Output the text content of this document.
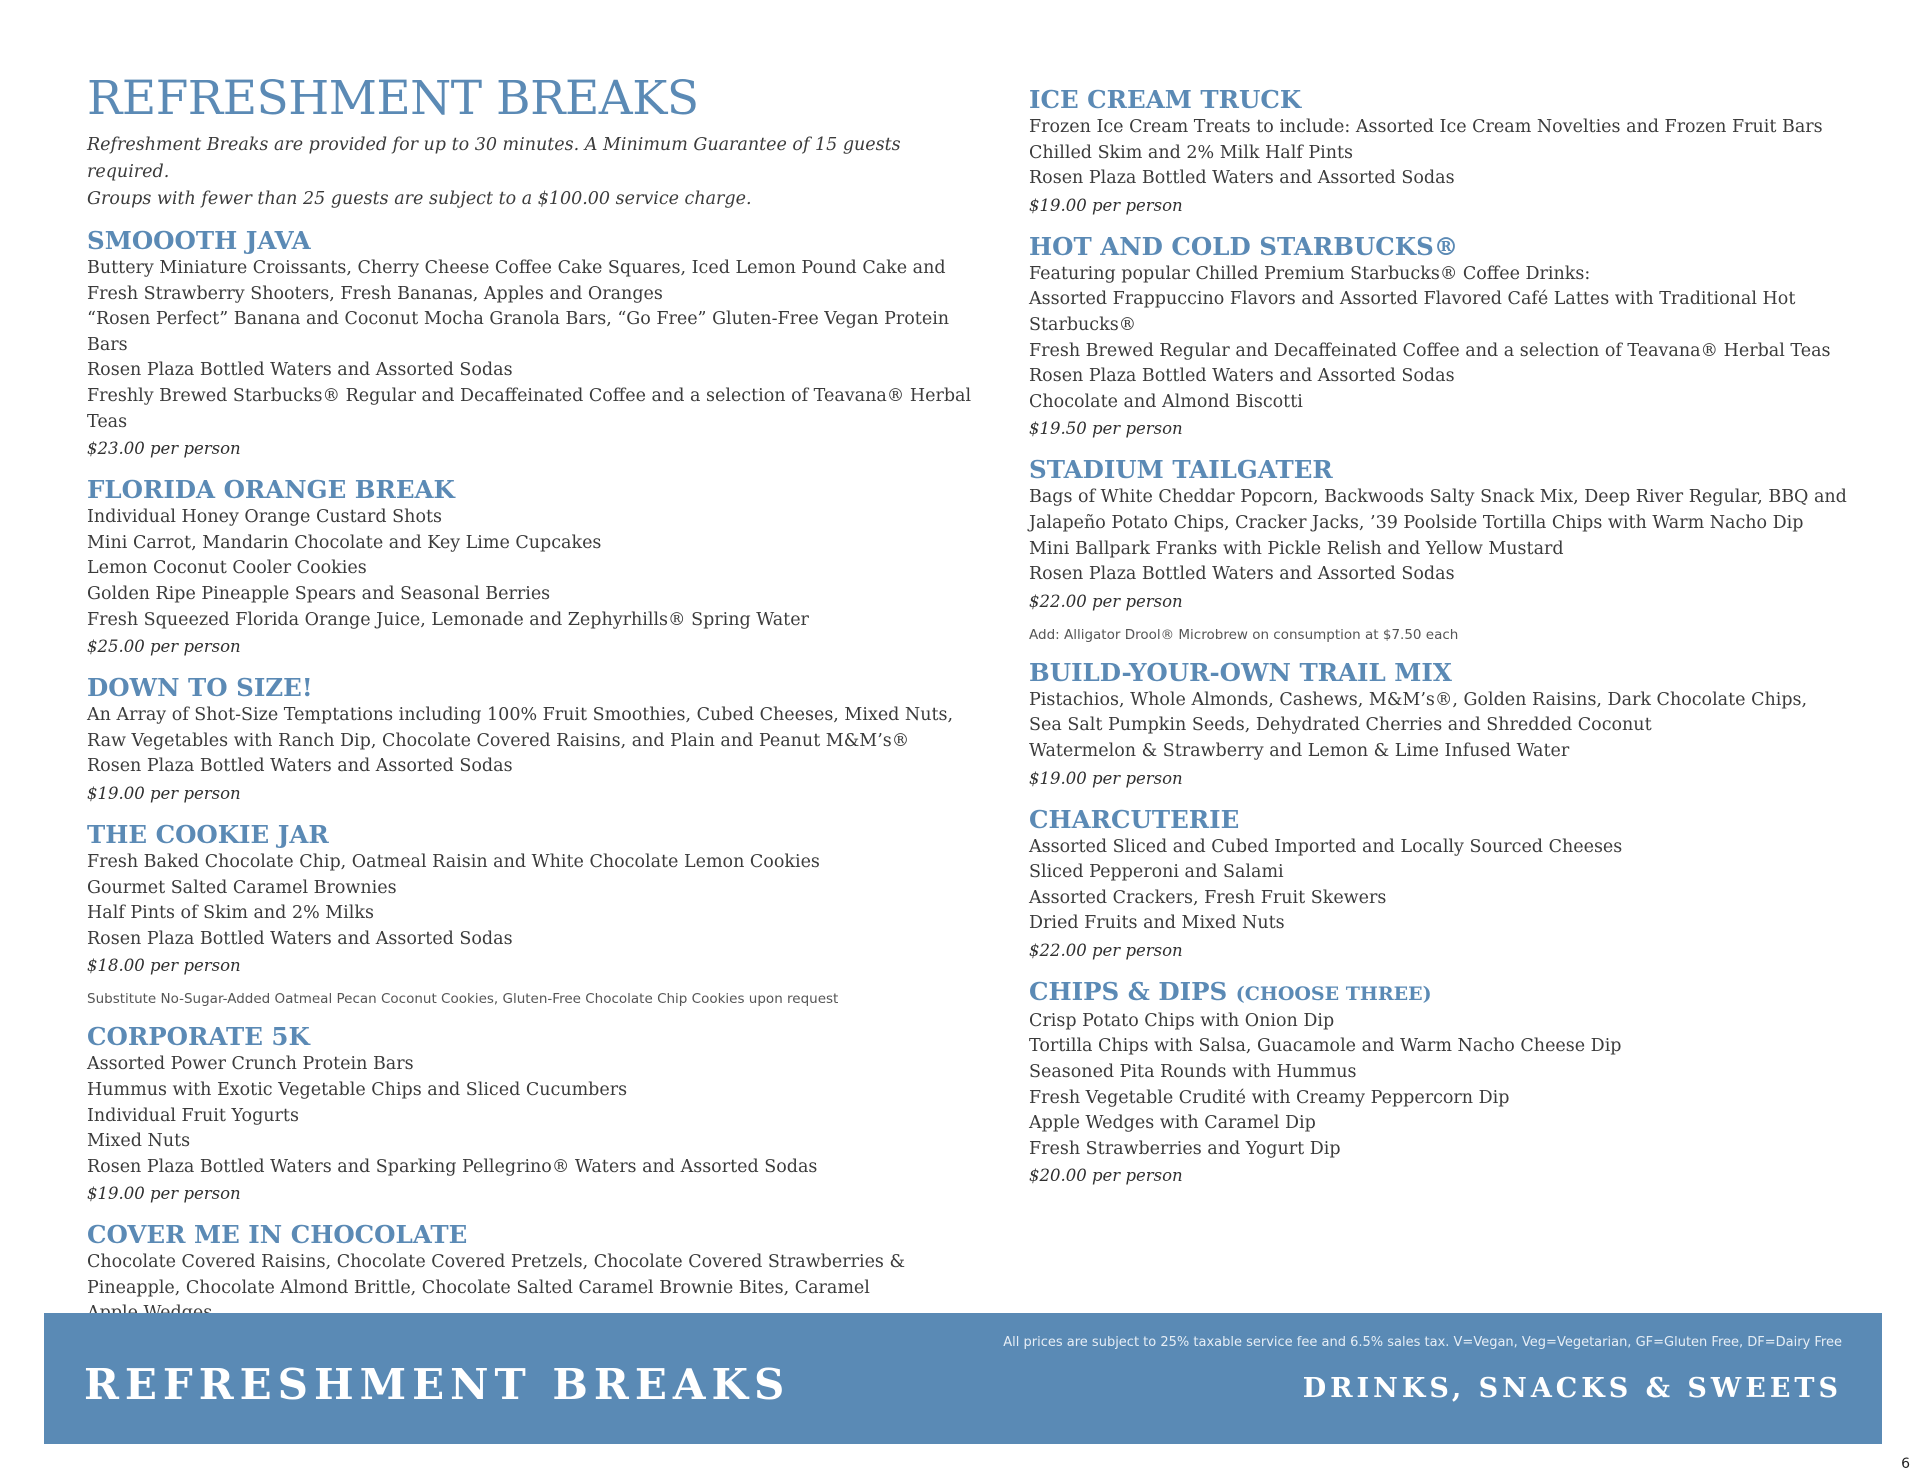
REFRESHMENT BREAKS
Refreshment Breaks are provided for up to 30 minutes. A Minimum Guarantee of 15 guests required.
Groups with fewer than 25 guests are subject to a $100.00 service charge.
SMOOOTH JAVA
Buttery Miniature Croissants, Cherry Cheese Coffee Cake Squares, Iced Lemon Pound Cake and
Fresh Strawberry Shooters, Fresh Bananas, Apples and Oranges
“Rosen Perfect” Banana and Coconut Mocha Granola Bars, “Go Free” Gluten-Free Vegan Protein Bars
Rosen Plaza Bottled Waters and Assorted Sodas
Freshly Brewed Starbucks® Regular and Decaffeinated Coffee and a selection of Teavana® Herbal Teas
$23.00 per person
FLORIDA ORANGE BREAK
Individual Honey Orange Custard Shots
Mini Carrot, Mandarin Chocolate and Key Lime Cupcakes
Lemon Coconut Cooler Cookies
Golden Ripe Pineapple Spears and Seasonal Berries
Fresh Squeezed Florida Orange Juice, Lemonade and Zephyrhills® Spring Water
$25.00 per person
DOWN TO SIZE!
An Array of Shot-Size Temptations including 100% Fruit Smoothies, Cubed Cheeses, Mixed Nuts,
Raw Vegetables with Ranch Dip, Chocolate Covered Raisins, and Plain and Peanut M&M’s®
Rosen Plaza Bottled Waters and Assorted Sodas
$19.00 per person
THE COOKIE JAR
Fresh Baked Chocolate Chip, Oatmeal Raisin and White Chocolate Lemon Cookies
Gourmet Salted Caramel Brownies
Half Pints of Skim and 2% Milks
Rosen Plaza Bottled Waters and Assorted Sodas
$18.00 per person
Substitute No-Sugar-Added Oatmeal Pecan Coconut Cookies, Gluten-Free Chocolate Chip Cookies upon request
CORPORATE 5K
Assorted Power Crunch Protein Bars
Hummus with Exotic Vegetable Chips and Sliced Cucumbers
Individual Fruit Yogurts
Mixed Nuts
Rosen Plaza Bottled Waters and Sparking Pellegrino® Waters and Assorted Sodas
$19.00 per person
COVER ME IN CHOCOLATE
Chocolate Covered Raisins, Chocolate Covered Pretzels, Chocolate Covered Strawberries &
Pineapple, Chocolate Almond Brittle, Chocolate Salted Caramel Brownie Bites, Caramel
ICE CREAM TRUCK
Frozen Ice Cream Treats to include: Assorted Ice Cream Novelties and Frozen Fruit Bars
Chilled Skim and 2% Milk Half Pints
Rosen Plaza Bottled Waters and Assorted Sodas
$19.00 per person
HOT AND COLD STARBUCKS®
Featuring popular Chilled Premium Starbucks® Coffee Drinks:
Assorted Frappuccino Flavors and Assorted Flavored Café Lattes with Traditional Hot Starbucks®
Fresh Brewed Regular and Decaffeinated Coffee and a selection of Teavana® Herbal Teas
Rosen Plaza Bottled Waters and Assorted Sodas
Chocolate and Almond Biscotti
$19.50 per person
STADIUM TAILGATER
Bags of White Cheddar Popcorn, Backwoods Salty Snack Mix, Deep River Regular, BBQ and
Jalapeño Potato Chips, Cracker Jacks, ’39 Poolside Tortilla Chips with Warm Nacho Dip
Mini Ballpark Franks with Pickle Relish and Yellow Mustard
Rosen Plaza Bottled Waters and Assorted Sodas
$22.00 per person
Add: Alligator Drool® Microbrew on consumption at $7.50 each
BUILD-YOUR-OWN TRAIL MIX
Pistachios, Whole Almonds, Cashews, M&M’s®, Golden Raisins, Dark Chocolate Chips,
Sea Salt Pumpkin Seeds, Dehydrated Cherries and Shredded Coconut
Watermelon & Strawberry and Lemon & Lime Infused Water
$19.00 per person
CHARCUTERIE
Assorted Sliced and Cubed Imported and Locally Sourced Cheeses
Sliced Pepperoni and Salami
Assorted Crackers, Fresh Fruit Skewers
Dried Fruits and Mixed Nuts
$22.00 per person
CHIPS & DIPS (CHOOSE THREE)
Crisp Potato Chips with Onion Dip
Tortilla Chips with Salsa, Guacamole and Warm Nacho Cheese Dip
Seasoned Pita Rounds with Hummus
Fresh Vegetable Crudité with Creamy Peppercorn Dip
Apple Wedges with Caramel Dip
Fresh Strawberries and Yogurt Dip
$20.00 per person
REFRESHMENT BREAKS
All prices are subject to 25% taxable service fee and 6.5% sales tax. V=Vegan, Veg=Vegetarian, GF=Gluten Free, DF=Dairy Free
DRINKS, SNACKS & SWEETS
6
